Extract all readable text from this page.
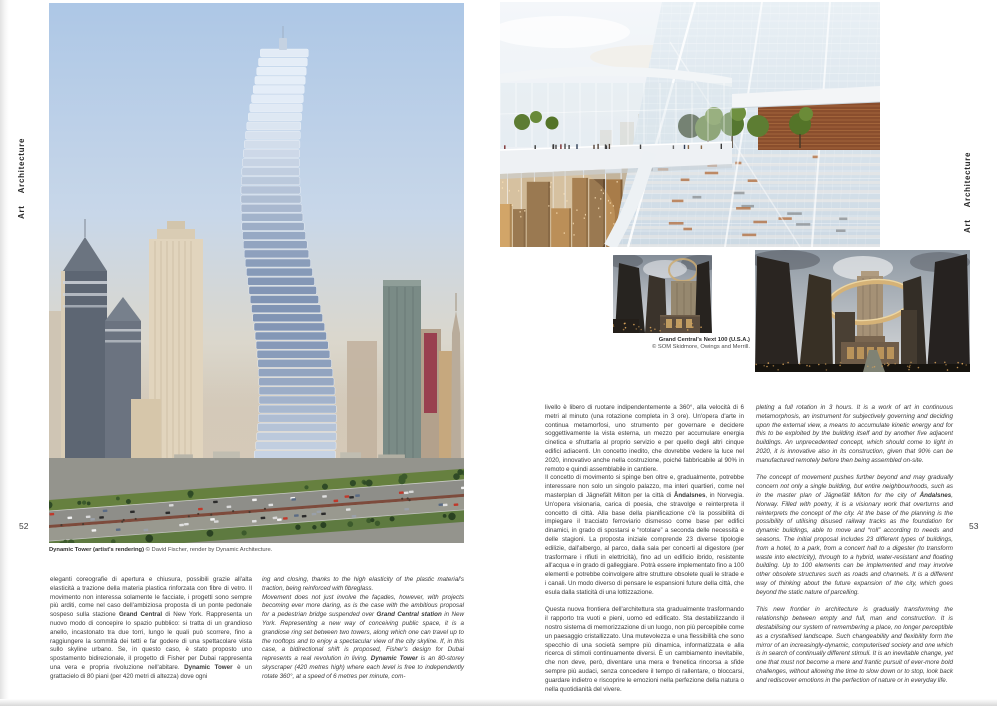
ArtArchitecture
ArtArchitecture
52	53
Dynamic Tower (artist's rendering) © David Fischer, render by Dynamic Architecture.

eleganti coreografie di apertura e chiusura, possibili grazie all'alta elasticità a trazione della materia plastica rinforzata con fibre di vetro. Il movimento non interessa solamente le facciate, i progetti sono sempre più arditi, come nel caso dell'ambiziosa proposta di un ponte pedonale sospeso sulla stazione Grand Central di New York. Rappresenta un nuovo modo di concepire lo spazio pubblico: si tratta di un grandioso anello, incastonato tra due torri, lungo le quali può scorrere, fino a raggiungere la sommità dei tetti e far godere di una spettacolare vista sullo skyline urbano. Se, in questo caso, è stato proposto uno spostamento bidirezionale, il progetto di Fisher per Dubai rappresenta una vera e propria rivoluzione nell'abitare. Dynamic Tower è un grattacielo di 80 piani (per 420 metri di altezza) dove ogni

ing and closing, thanks to the high elasticity of the plastic material's traction, being reinforced with fibreglass.

Movement does not just involve the façades, however, with projects becoming ever more daring, as is the case with the ambitious proposal for a pedestrian bridge suspended over Grand Central station in New York. Representing a new way of conceiving public space, it is a grandiose ring set between two towers, along which one can travel up to the rooftops and to enjoy a spectacular view of the city skyline. If, in this case, a bidirectional shift is proposed, Fisher's design for Dubai represents a real revolution in living. Dynamic Tower is an 80-storey skyscraper (420 metres high) where each level is free to independently rotate 360°, at a speed of 6 metres per minute, com-

Grand Central's Next 100 (U.S.A.)
© SOM Skidmore, Owings and Merrill.

livello è libero di ruotare indipendentemente a 360°, alla velocità di 6 metri al minuto (una rotazione completa in 3 ore). Un'opera d'arte in continua metamorfosi, uno strumento per governare e decidere soggettivamente la vista esterna, un mezzo per accumulare energia cinetica e sfruttarla al proprio servizio e per quello degli altri cinque edifici adiacenti. Un concetto inedito, che dovrebbe vedere la luce nel 2020, innovativo anche nella costruzione, poiché fabbricabile al 90% in remoto e quindi assemblabile in cantiere.

Il concetto di movimento si spinge ben oltre e, gradualmente, potrebbe interessare non solo un singolo palazzo, ma interi quartieri, come nel masterplan di Jägnefält Milton per la città di Åndalsnes, in Norvegia. Un'opera visionaria, carica di poesia, che stravolge e reinterpreta il concetto di città. Alla base della pianificazione c'è la possibilità di impiegare il tracciato ferroviario dismesso come base per edifici dinamici, in grado di spostarsi e “rotolare” a seconda delle necessità e delle stagioni. La proposta iniziale comprende 23 diverse tipologie edilizie, dall'albergo, al parco, dalla sala per concerti al digestore (per trasformare i rifiuti in elettricità), fino ad un edificio ibrido, resistente all'acqua e in grado di galleggiare. Potrà essere implementato fino a 100 elementi e potrebbe coinvolgere altre strutture obsolete quali le strade e i canali. Un modo diverso di pensare le espansioni future della città, che esula dalla staticità di una lottizzazione.

Questa nuova frontiera dell'architettura sta gradualmente trasformando il rapporto tra vuoti e pieni, uomo ed edificato. Sta destabilizzando il nostro sistema di memorizzazione di un luogo, non più percepibile come un paesaggio cristallizzato. Una mutevolezza e una flessibilità che sono specchio di una società sempre più dinamica, informatizzata e alla ricerca di stimoli continuamente diversi. È un cambiamento inevitabile, che non deve, però, diventare una mera e frenetica rincorsa a sfide sempre più audaci, senza concedere il tempo di rallentare, o bloccarsi, guardare indietro e riscoprire le emozioni nella perfezione della natura o nella quotidianità del vivere.

pleting a full rotation in 3 hours. It is a work of art in continuous metamorphosis, an instrument for subjectively governing and deciding upon the external view, a means to accumulate kinetic energy and for this to be exploited by the building itself and by another five adjacent buildings. An unprecedented concept, which should come to light in 2020, it is innovative also in its construction, given that 90% can be manufactured remotely before then being assembled on-site.

The concept of movement pushes further beyond and may gradually concern not only a single building, but entire neighbourhoods, such as in the master plan of Jägnefält Milton for the city of Åndalsnes, Norway. Filled with poetry, it is a visionary work that overturns and reinterprets the concept of the city. At the base of the planning is the possibility of utilising disused railway tracks as the foundation for dynamic buildings, able to move and “roll” according to needs and seasons. The initial proposal includes 23 different types of buildings, from a hotel, to a park, from a concert hall to a digester (to transform waste into electricity), through to a hybrid, water-resistant and floating building. Up to 100 elements can be implemented and may involve other obsolete structures such as roads and channels. It is a different way of thinking about the future expansion of the city, which goes beyond the static nature of parcelling.

This new frontier in architecture is gradually transforming the relationship between empty and full, man and construction. It is destabilising our system of remembering a place, no longer perceptible as a crystallised landscape. Such changeability and flexibility form the mirror of an increasingly-dynamic, computerised society and one which is in search of continually different stimuli. It is an inevitable change, yet one that must not become a mere and frantic pursuit of ever-more bold challenges, without allowing the time to slow down or to stop, look back and rediscover emotions in the perfection of nature or in everyday life.
